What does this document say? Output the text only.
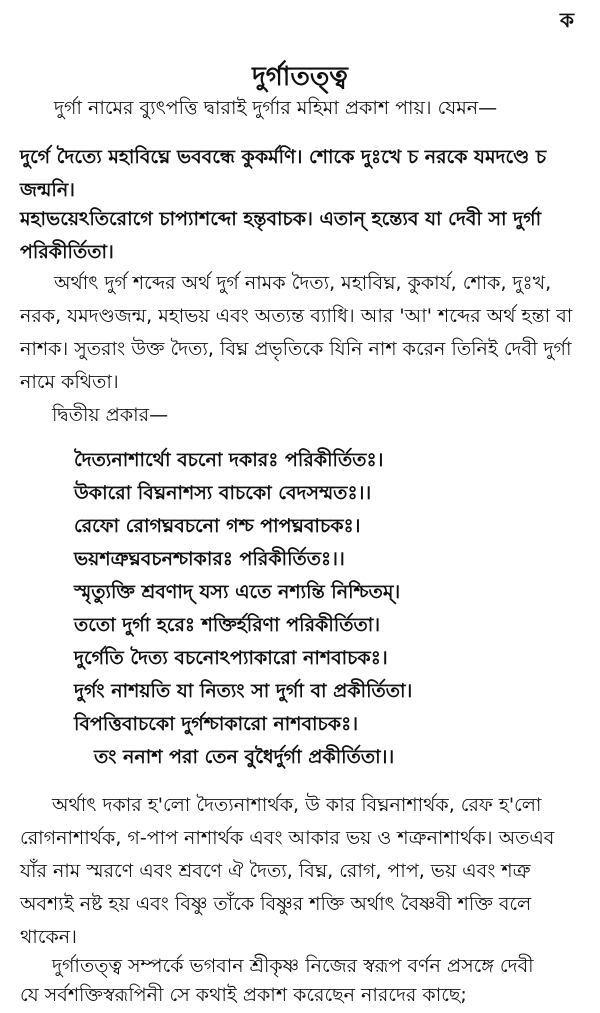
ক
দুর্গাতত্ত্ব

দুর্গা নামের ব্যুৎপত্তি দ্বারাই দুর্গার মহিমা প্রকাশ পায়। যেমন—

দুর্গে দৈত্যে মহাবিঘ্নে ভববন্ধে কুকর্মণি। শোকে দুঃখে চ নরকে যমদণ্ডে চ জন্মনি।

মহাভয়েঽতিরোগে চাপ্যাশব্দো হন্তৃবাচক। এতান্ হন্ত্যেব যা দেবী সা দুর্গা পরিকীর্তিতা।

অর্থাৎ দুর্গ শব্দের অর্থ দুর্গ নামক দৈত্য, মহাবিঘ্ন, কুকার্য, শোক, দুঃখ, নরক, যমদণ্ডজন্ম, মহাভয় এবং অত্যন্ত ব্যাধি। আর 'আ' শব্দের অর্থ হন্তা বা নাশক। সুতরাং উক্ত দৈত্য, বিঘ্ন প্রভৃতিকে যিনি নাশ করেন তিনিই দেবী দুর্গা নামে কথিতা।

দ্বিতীয় প্রকার—

দৈত্যনাশার্থো বচনো দকারঃ পরিকীর্তিতঃ।

উকারো বিঘ্ননাশস্য বাচকো বেদসম্মতঃ।।

রেফো রোগঘ্নবচনো গশ্চ পাপঘ্নবাচকঃ।

ভয়শত্রুঘ্নবচনশ্চাকারঃ পরিকীর্তিতঃ।।

স্মৃত্যুক্তি শ্রবণাদ্ যস্য এতে নশ্যন্তি নিশ্চিতম্।

ততো দুর্গা হরেঃ শক্তির্হরিণা পরিকীর্তিতা।

দুর্গেতি দৈত্য বচনোঽপ্যাকারো নাশবাচকঃ।

দুর্গং নাশয়তি যা নিত্যং সা দুর্গা বা প্রকীর্তিতা।

বিপত্তিবাচকো দুর্গশ্চাকারো নাশবাচকঃ।

তং ননাশ পরা তেন বুধৈর্দুর্গা প্রকীর্তিতা।।

অর্থাৎ দকার হ'লো দৈত্যনাশার্থক, উ কার বিঘ্ননাশার্থক, রেফ হ'লো

রোগনাশার্থক, গ-পাপ নাশার্থক এবং আকার ভয় ও শত্রুনাশার্থক। অতএব

যাঁর নাম স্মরণে এবং শ্রবণে ঐ দৈত্য, বিঘ্ন, রোগ, পাপ, ভয় এবং শত্রু

অবশ্যই নষ্ট হয় এবং বিষ্ণু তাঁকে বিষ্ণুর শক্তি অর্থাৎ বৈষ্ণবী শক্তি বলে

থাকেন।

দুর্গাতত্ত্ব সম্পর্কে ভগবান শ্রীকৃষ্ণ নিজের স্বরূপ বর্ণন প্রসঙ্গে দেবী

যে সর্বশক্তিস্বরূপিনী সে কথাই প্রকাশ করেছেন নারদের কাছে;
